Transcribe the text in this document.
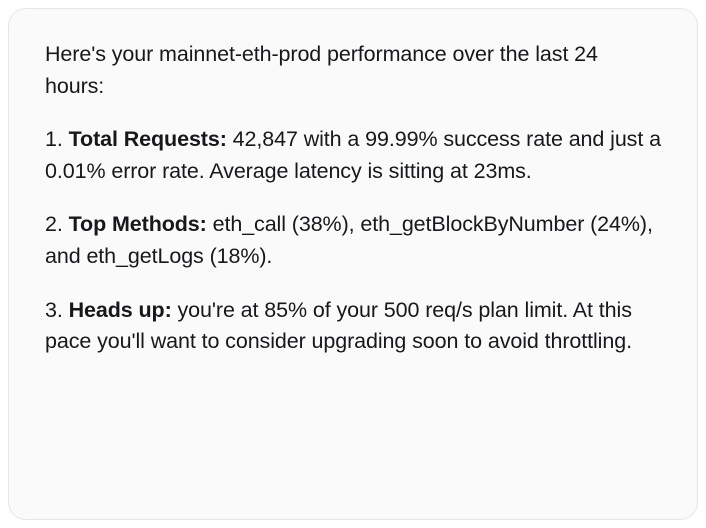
Here's your mainnet-eth-prod performance over the last 24 hours:

1. Total Requests: 42,847 with a 99.99% success rate and just a 0.01% error rate. Average latency is sitting at 23ms.

2. Top Methods: eth_call (38%), eth_getBlockByNumber (24%), and eth_getLogs (18%).

3. Heads up: you're at 85% of your 500 req/s plan limit. At this pace you'll want to consider upgrading soon to avoid throttling.
